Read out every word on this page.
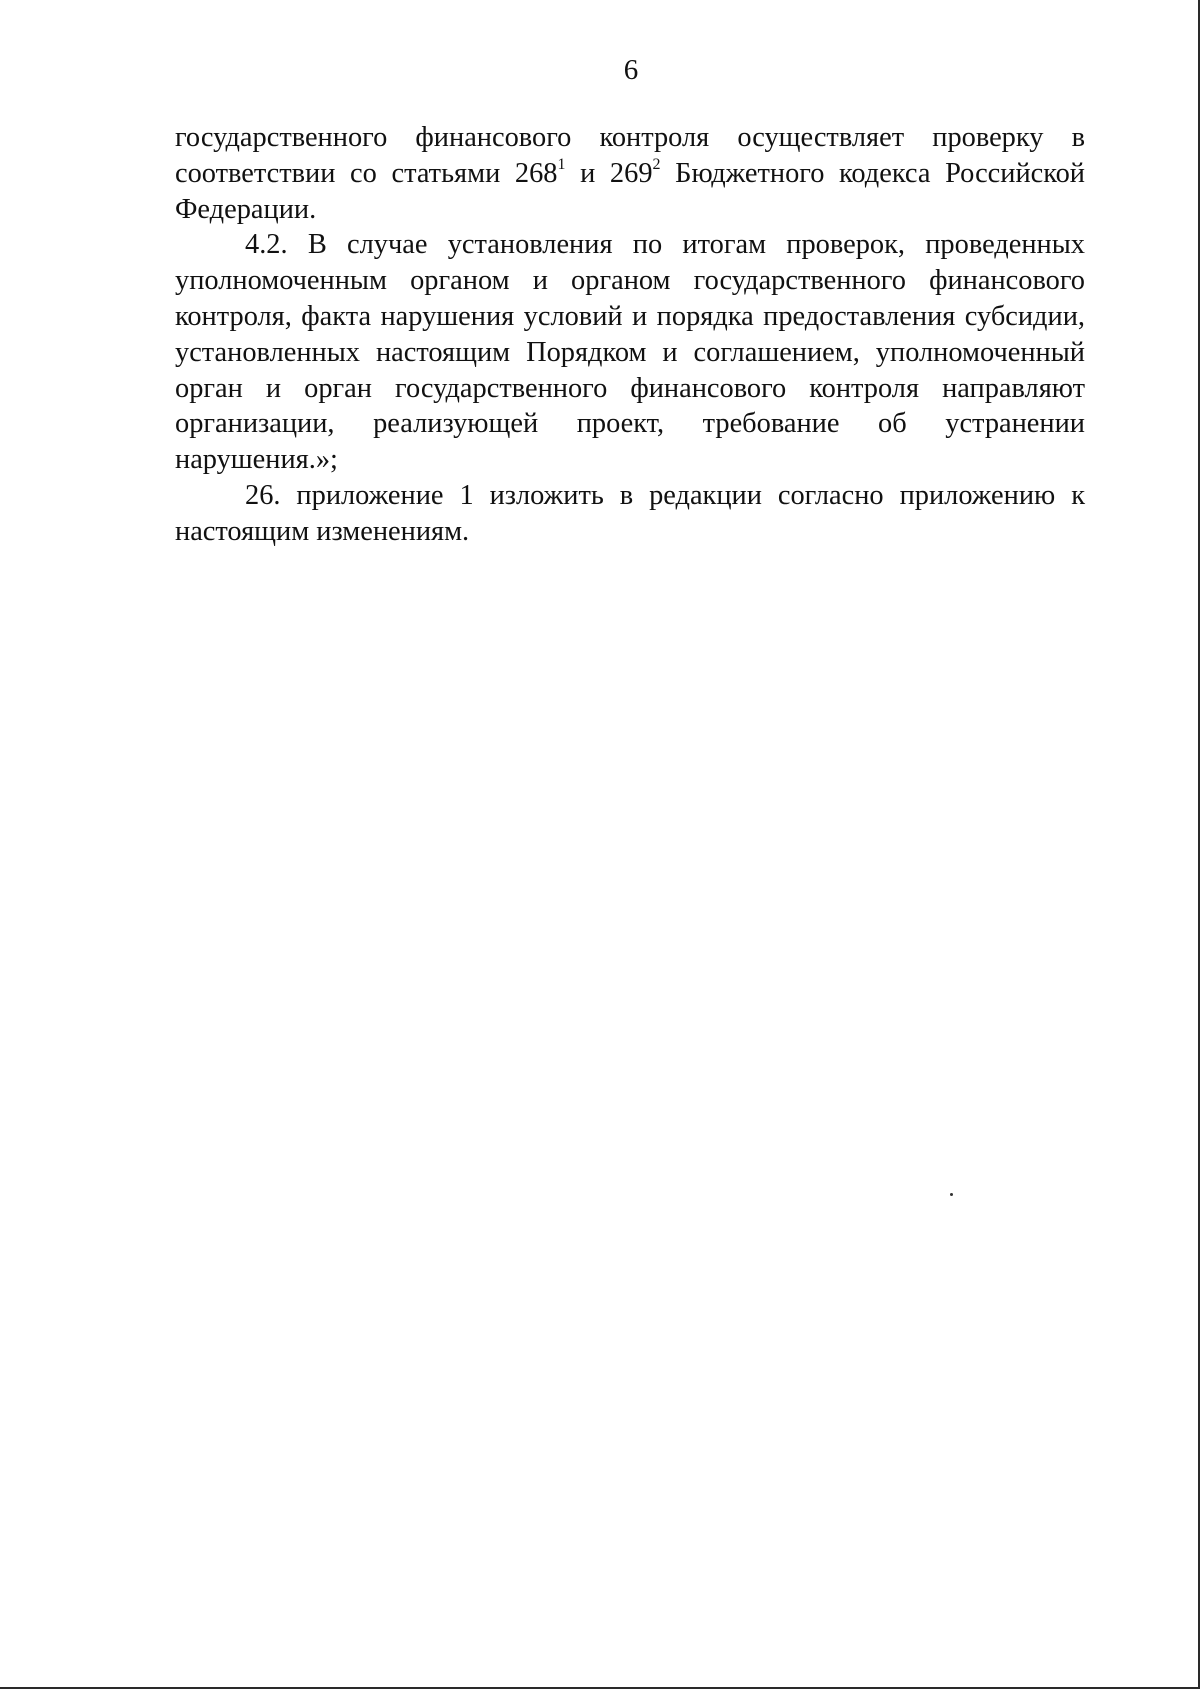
6

государственного финансового контроля осуществляет проверку в соответствии со статьями $268^1$ и $269^2$ Бюджетного кодекса Российской Федерации.

4.2. В случае установления по итогам проверок, проведенных уполномоченным органом и органом государственного финансового контроля, факта нарушения условий и порядка предоставления субсидии, установленных настоящим Порядком и соглашением, уполномоченный орган и орган государственного финансового контроля направляют организации, реализующей проект, требование об устранении нарушения.»;

26. приложение 1 изложить в редакции согласно приложению к настоящим изменениям.
